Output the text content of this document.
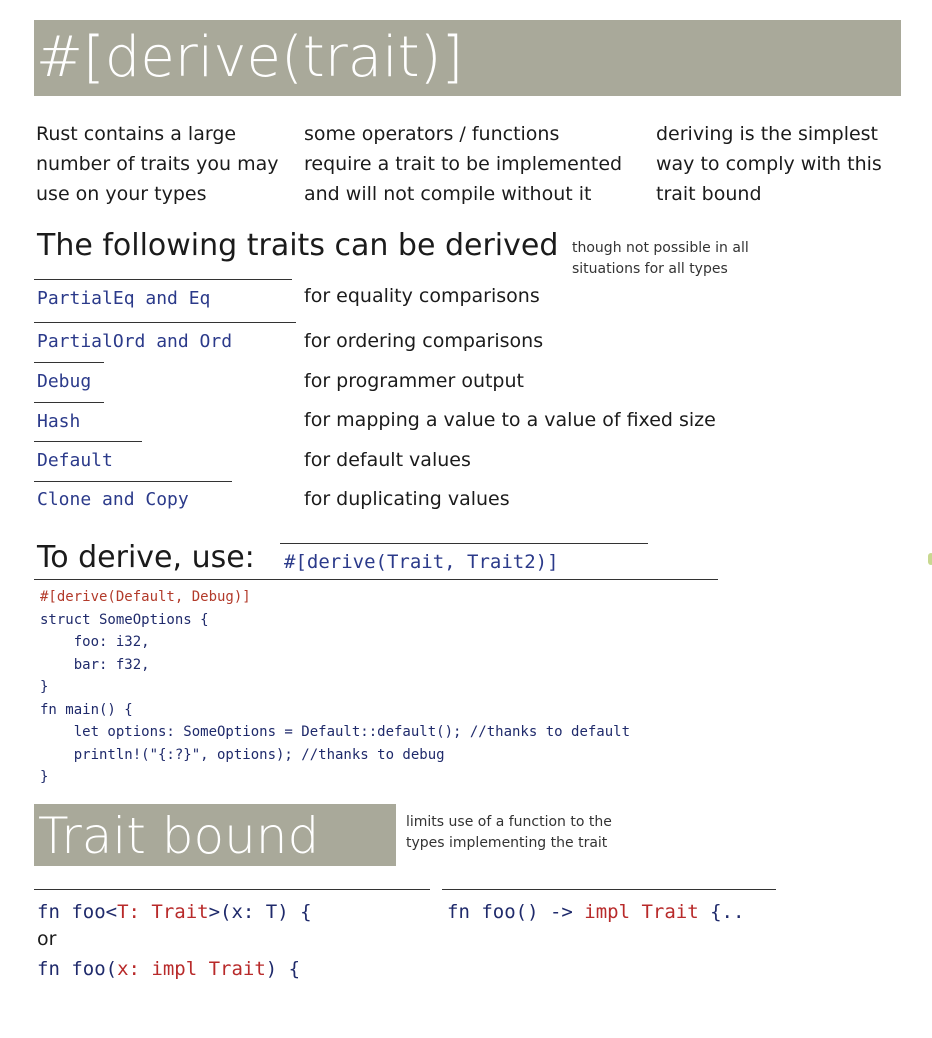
#[derive(trait)]
Rust contains a large
number of traits you may
use on your types
some operators / functions
require a trait to be implemented
and will not compile without it
deriving is the simplest
way to comply with this
trait bound
The following traits can be derived though not possible in all
situations for all types
PartialEq and Eq	for equality comparisons
PartialOrd and Ord	for ordering comparisons
Debug	for programmer output
Hash	for mapping a value to a value of fixed size
Default	for default values
Clone and Copy	for duplicating values
To derive, use: #[derive(Trait, Trait2)]
#[derive(Default, Debug)]
struct SomeOptions {
foo: i32,
bar: f32,
}
fn main() {
let options: SomeOptions = Default::default(); //thanks to default
println!("{:?}", options); //thanks to debug
}
Trait bound	limits use of a function to the
types implementing the trait
fn foo<T: Trait>(x: T) {
or
fn foo(x: impl Trait) {
fn foo() -> impl Trait {..
